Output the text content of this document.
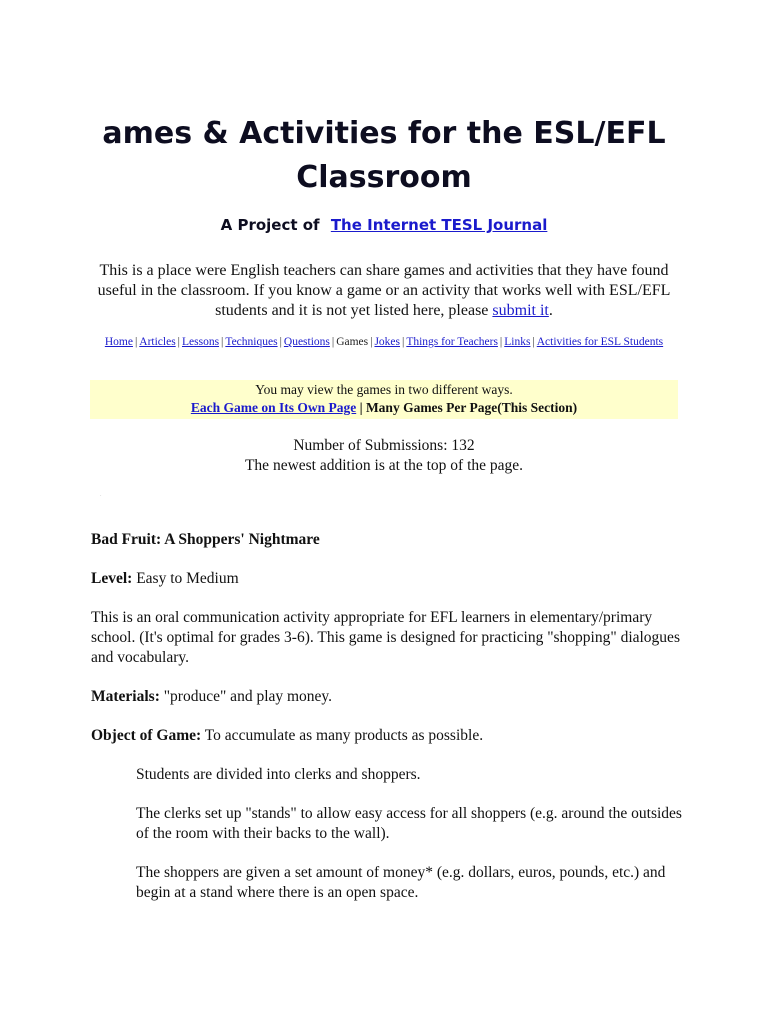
ames & Activities for the ESL/EFL Classroom
A Project of The Internet TESL Journal
This is a place were English teachers can share games and activities that they have found useful in the classroom. If you know a game or an activity that works well with ESL/EFL students and it is not yet listed here, please submit it.
Home | Articles | Lessons | Techniques | Questions | Games | Jokes | Things for Teachers | Links | Activities for ESL Students
You may view the games in two different ways.
Each Game on Its Own Page | Many Games Per Page(This Section)
Number of Submissions: 132
The newest addition is at the top of the page.
.

Bad Fruit: A Shoppers' Nightmare

Level: Easy to Medium

This is an oral communication activity appropriate for EFL learners in elementary/primary school. (It's optimal for grades 3-6). This game is designed for practicing "shopping" dialogues and vocabulary.

Materials: "produce" and play money.

Object of Game: To accumulate as many products as possible.

Students are divided into clerks and shoppers.

The clerks set up "stands" to allow easy access for all shoppers (e.g. around the outsides of the room with their backs to the wall).

The shoppers are given a set amount of money* (e.g. dollars, euros, pounds, etc.) and begin at a stand where there is an open space.
